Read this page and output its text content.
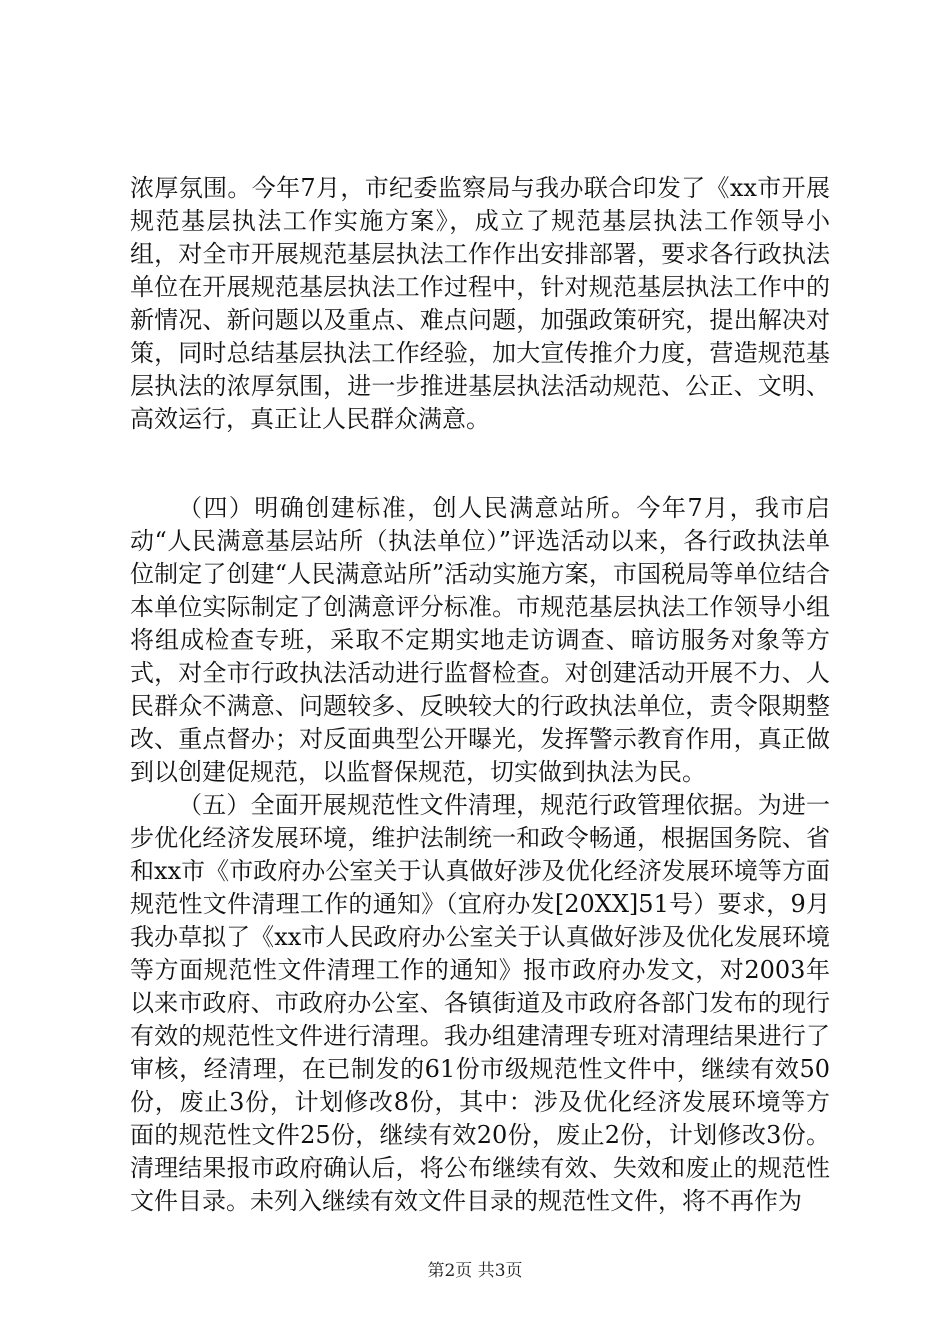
浓厚氛围。今年7月，市纪委监察局与我办联合印发了《xx市开展规范基层执法工作实施方案》，成立了规范基层执法工作领导小组，对全市开展规范基层执法工作作出安排部署，要求各行政执法单位在开展规范基层执法工作过程中，针对规范基层执法工作中的新情况、新问题以及重点、难点问题，加强政策研究，提出解决对策，同时总结基层执法工作经验，加大宣传推介力度，营造规范基层执法的浓厚氛围，进一步推进基层执法活动规范、公正、文明、高效运行，真正让人民群众满意。

（四）明确创建标准，创人民满意站所。今年7月，我市启动“人民满意基层站所（执法单位）”评选活动以来，各行政执法单位制定了创建“人民满意站所”活动实施方案，市国税局等单位结合本单位实际制定了创满意评分标准。市规范基层执法工作领导小组将组成检查专班，采取不定期实地走访调查、暗访服务对象等方式，对全市行政执法活动进行监督检查。对创建活动开展不力、人民群众不满意、问题较多、反映较大的行政执法单位，责令限期整改、重点督办；对反面典型公开曝光，发挥警示教育作用，真正做到以创建促规范，以监督保规范，切实做到执法为民。

（五）全面开展规范性文件清理，规范行政管理依据。为进一步优化经济发展环境，维护法制统一和政令畅通，根据国务院、省和xx市《市政府办公室关于认真做好涉及优化经济发展环境等方面规范性文件清理工作的通知》（宜府办发[20XX]51号）要求，9月我办草拟了《xx市人民政府办公室关于认真做好涉及优化发展环境等方面规范性文件清理工作的通知》报市政府办发文，对2003年以来市政府、市政府办公室、各镇街道及市政府各部门发布的现行有效的规范性文件进行清理。我办组建清理专班对清理结果进行了审核，经清理，在已制发的61份市级规范性文件中，继续有效50份，废止3份，计划修改8份，其中：涉及优化经济发展环境等方面的规范性文件25份，继续有效20份，废止2份，计划修改3份。清理结果报市政府确认后，将公布继续有效、失效和废止的规范性文件目录。未列入继续有效文件目录的规范性文件，将不再作为

第2页 共3页
